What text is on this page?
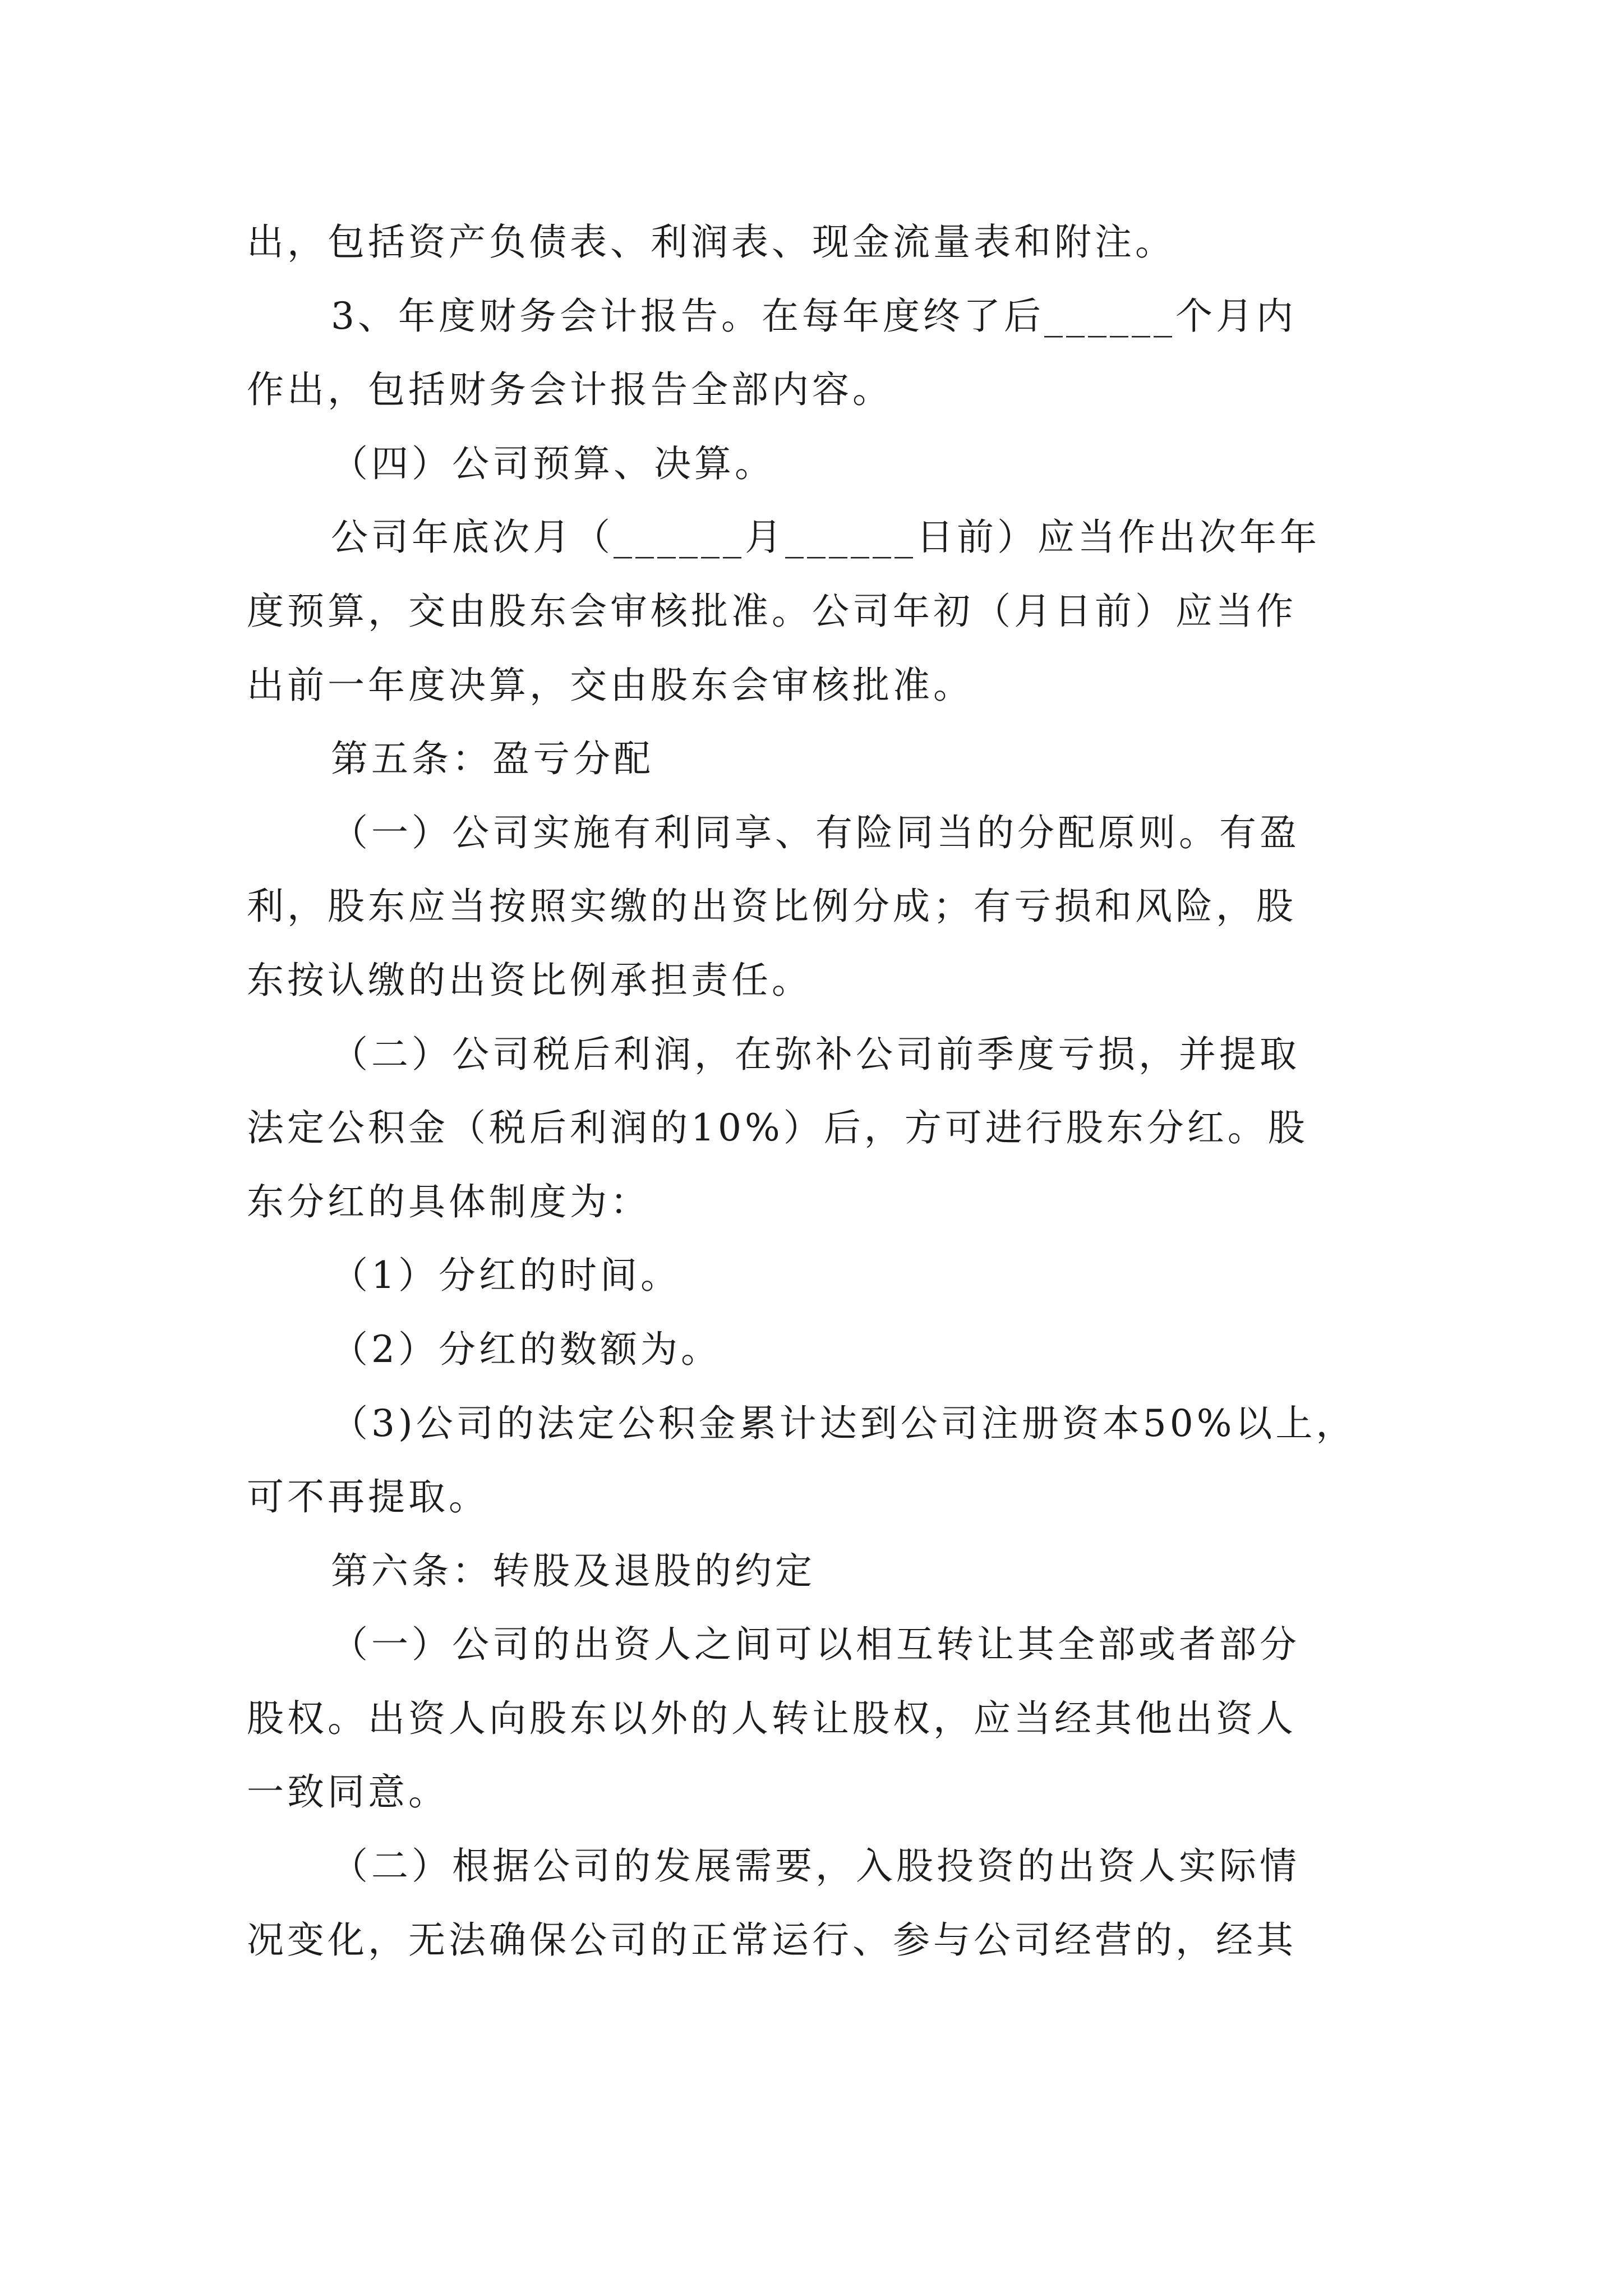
出，包括资产负债表、利润表、现金流量表和附注。
3、年度财务会计报告。在每年度终了后______个月内
作出，包括财务会计报告全部内容。
（四）公司预算、决算。
公司年底次月（______月______日前）应当作出次年年
度预算，交由股东会审核批准。公司年初（月日前）应当作
出前一年度决算，交由股东会审核批准。
第五条：盈亏分配
（一）公司实施有利同享、有险同当的分配原则。有盈
利，股东应当按照实缴的出资比例分成；有亏损和风险，股
东按认缴的出资比例承担责任。
（二）公司税后利润，在弥补公司前季度亏损，并提取
法定公积金（税后利润的10%）后，方可进行股东分红。股
东分红的具体制度为：
（1）分红的时间。
（2）分红的数额为。
（3)公司的法定公积金累计达到公司注册资本50%以上，
可不再提取。
第六条：转股及退股的约定
（一）公司的出资人之间可以相互转让其全部或者部分
股权。出资人向股东以外的人转让股权，应当经其他出资人
一致同意。
（二）根据公司的发展需要，入股投资的出资人实际情
况变化，无法确保公司的正常运行、参与公司经营的，经其
